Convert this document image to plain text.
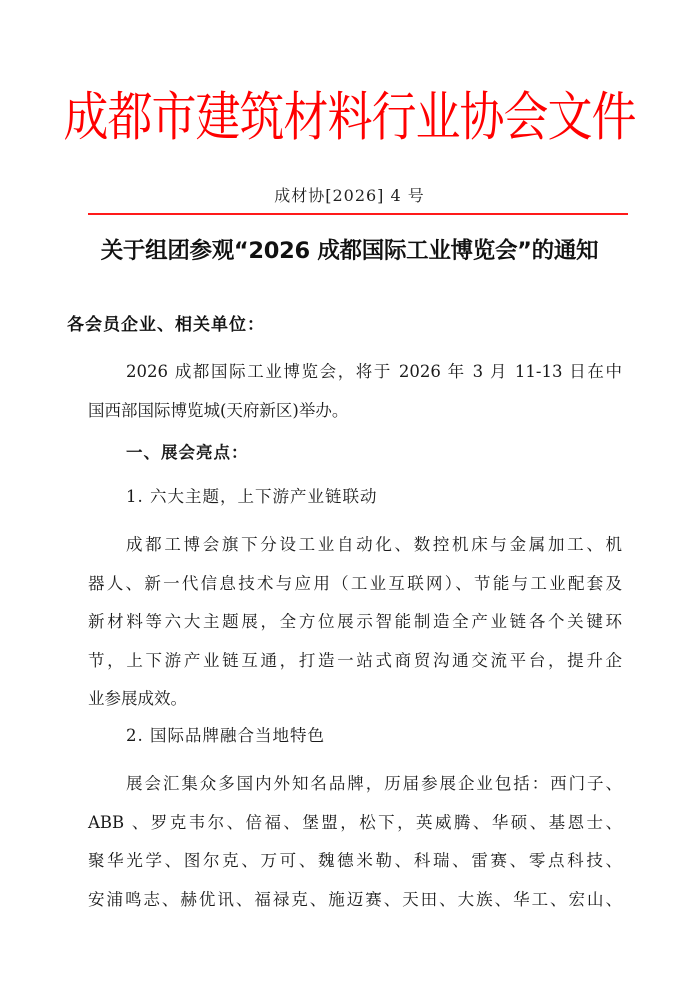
成都市建筑材料行业协会文件
成材协[2026] 4 号
关于组团参观“2026 成都国际工业博览会”的通知
各会员企业、相关单位：
2026 成都国际工业博览会，将于 2026 年 3 月 11-13 日在中
国西部国际博览城(天府新区)举办。
一、展会亮点：
1. 六大主题，上下游产业链联动
成都工博会旗下分设工业自动化、数控机床与金属加工、机
器人、新一代信息技术与应用（工业互联网）、节能与工业配套及
新材料等六大主题展，全方位展示智能制造全产业链各个关键环
节，上下游产业链互通，打造一站式商贸沟通交流平台，提升企
业参展成效。
2. 国际品牌融合当地特色
展会汇集众多国内外知名品牌，历届参展企业包括：西门子、
ABB 、罗克韦尔、倍福、堡盟，松下，英威腾、华硕、基恩士、
聚华光学、图尔克、万可、魏德米勒、科瑞、雷赛、零点科技、
安浦鸣志、赫优讯、福禄克、施迈赛、天田、大族、华工、宏山、
